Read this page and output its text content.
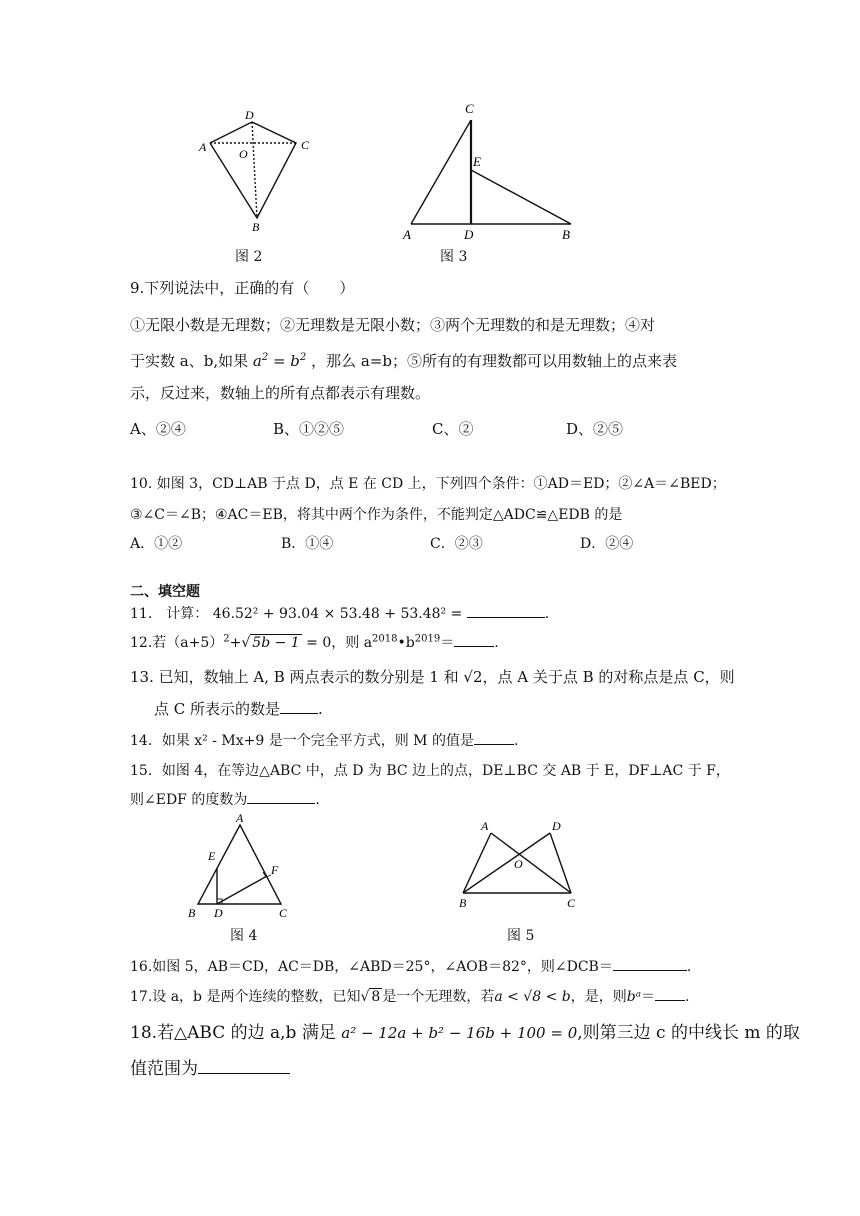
A
D
C
O
B
图 2
C
E
A	D	B
图 3
9.下列说法中，正确的有（　　）
①无限小数是无理数；②无理数是无限小数；③两个无理数的和是无理数；④对
于实数 a、b,如果 $a^2 = b^2$ ，那么 a=b；⑤所有的有理数都可以用数轴上的点来表
示，反过来，数轴上的所有点都表示有理数。
A、②④	B、①②⑤	C、②	D、②⑤
10. 如图 3，CD⊥AB 于点 D，点 E 在 CD 上，下列四个条件：①AD＝ED；②∠A＝∠BED；
③∠C＝∠B；④AC＝EB，将其中两个作为条件，不能判定△ADC≌△EDB 的是
A．①②	B．①④	C．②③	D．②④
二、填空题
11.　计算： 46.52² + 93.04 × 53.48 + 53.48² =	.
12.若$(a+5)^2+√$ 5b − 1 = 0，则 $a^{2018}•b^{2019}=$	.
13. 已知，数轴上 A, B 两点表示的数分别是 1 和 √2，点 A 关于点 B 的对称点是点 C，则
点 C 所表示的数是	.
14．如果 x² - Mx+9 是一个完全平方式，则 M 的值是	.
15．如图 4，在等边△ABC 中，点 D 为 BC 边上的点，DE⊥BC 交 AB 于 E，DF⊥AC 于 F，
则∠EDF 的度数为	.
A
E
F
B D	C
图 4
A	D
O
B	C
图 5
16.如图 5，AB＝CD，AC＝DB，∠ABD＝25°，∠AOB＝82°，则∠DCB＝	.
17.设 a，b 是两个连续的整数，已知√ 8 是一个无理数，若a < √8 < b，是，则bᵃ＝ .
18.若△ABC 的边 a,b 满足 a² − 12a + b² − 16b + 100 = 0,则第三边 c 的中线长 m 的取
值范围为
